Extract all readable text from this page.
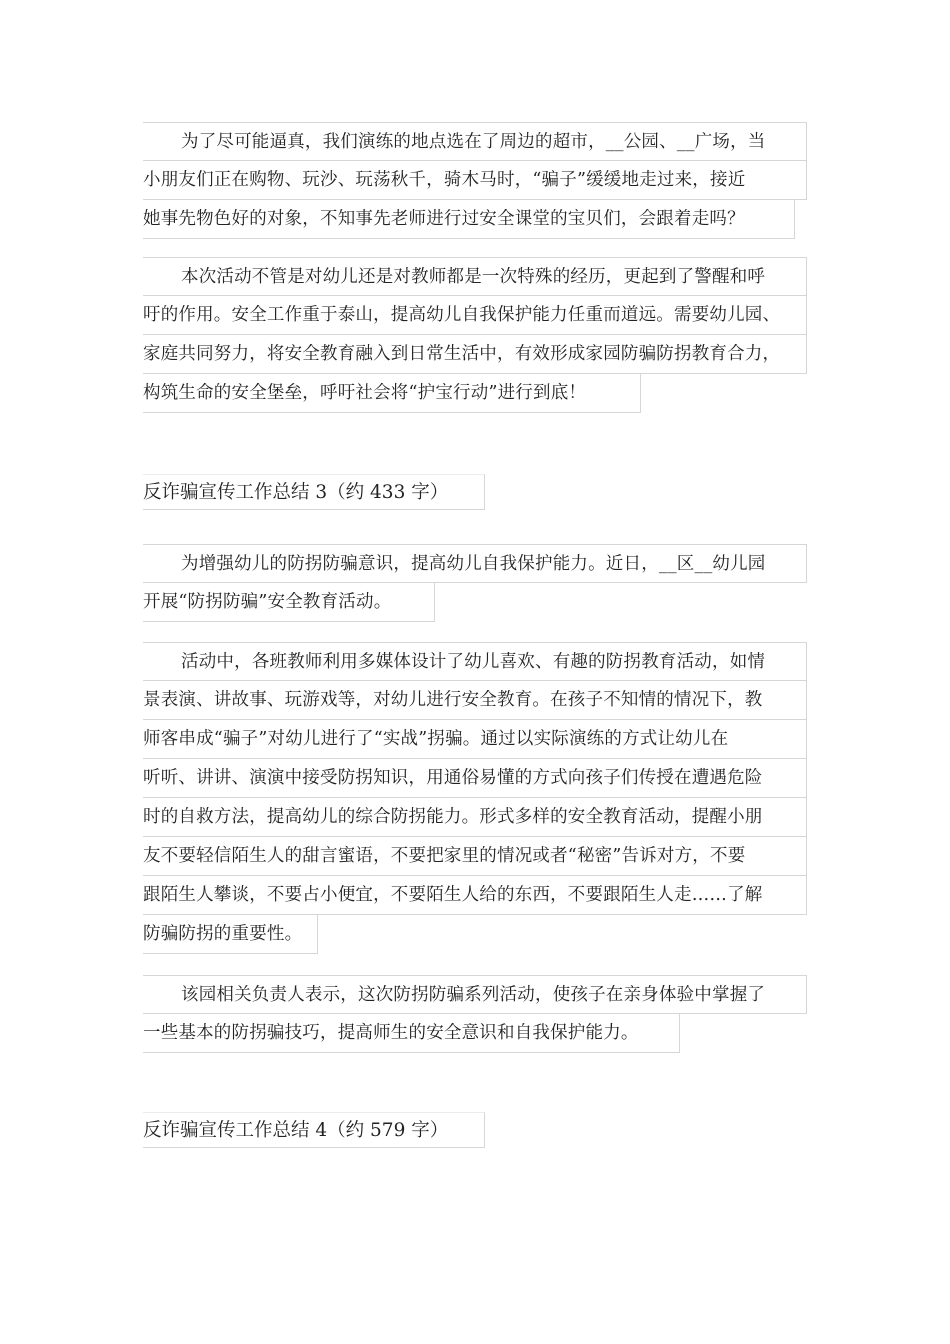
为了尽可能逼真，我们演练的地点选在了周边的超市，__公园、__广场，当
小朋友们正在购物、玩沙、玩荡秋千，骑木马时，“骗子”缓缓地走过来，接近
她事先物色好的对象，不知事先老师进行过安全课堂的宝贝们，会跟着走吗？
本次活动不管是对幼儿还是对教师都是一次特殊的经历，更起到了警醒和呼
吁的作用。安全工作重于泰山，提高幼儿自我保护能力任重而道远。需要幼儿园、
家庭共同努力，将安全教育融入到日常生活中，有效形成家园防骗防拐教育合力，
构筑生命的安全堡垒，呼吁社会将“护宝行动”进行到底！
反诈骗宣传工作总结 3（约 433 字）
为增强幼儿的防拐防骗意识，提高幼儿自我保护能力。近日，__区__幼儿园
开展“防拐防骗”安全教育活动。
活动中，各班教师利用多媒体设计了幼儿喜欢、有趣的防拐教育活动，如情
景表演、讲故事、玩游戏等，对幼儿进行安全教育。在孩子不知情的情况下，教
师客串成“骗子”对幼儿进行了“实战”拐骗。通过以实际演练的方式让幼儿在
听听、讲讲、演演中接受防拐知识，用通俗易懂的方式向孩子们传授在遭遇危险
时的自救方法，提高幼儿的综合防拐能力。形式多样的安全教育活动，提醒小朋
友不要轻信陌生人的甜言蜜语，不要把家里的情况或者“秘密”告诉对方，不要
跟陌生人攀谈，不要占小便宜，不要陌生人给的东西，不要跟陌生人走……了解
防骗防拐的重要性。
该园相关负责人表示，这次防拐防骗系列活动，使孩子在亲身体验中掌握了
一些基本的防拐骗技巧，提高师生的安全意识和自我保护能力。
反诈骗宣传工作总结 4（约 579 字）
